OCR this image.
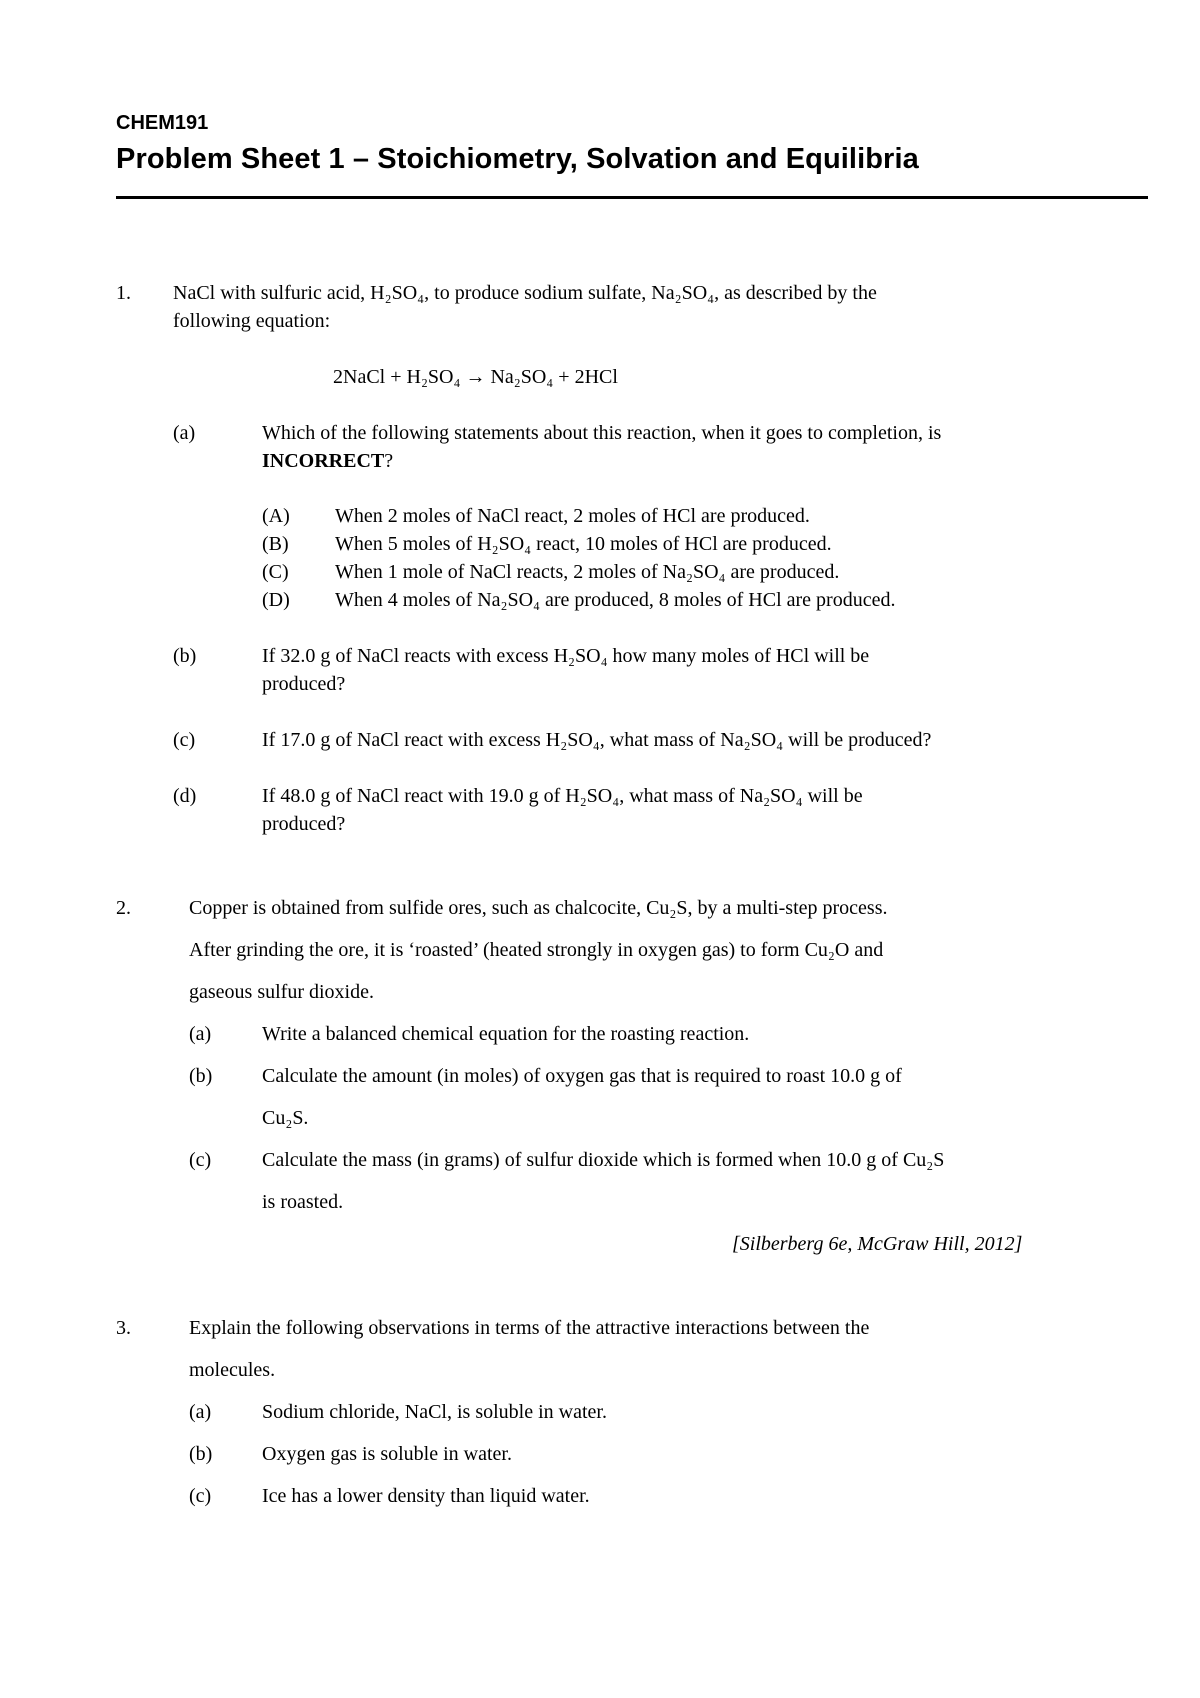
CHEM191
Problem Sheet 1 – Stoichiometry, Solvation and Equilibria
1. NaCl with sulfuric acid, H₂SO₄, to produce sodium sulfate, Na₂SO₄, as described by the
following equation:
2NaCl + H₂SO₄ → Na₂SO₄ + 2HCl
(a)	Which of the following statements about this reaction, when it goes to completion, is
INCORRECT?
(A) When 2 moles of NaCl react, 2 moles of HCl are produced.
(B) When 5 moles of H₂SO₄ react, 10 moles of HCl are produced.
(C) When 1 mole of NaCl reacts, 2 moles of Na₂SO₄ are produced.
(D) When 4 moles of Na₂SO₄ are produced, 8 moles of HCl are produced.
(b)	If 32.0 g of NaCl reacts with excess H₂SO₄ how many moles of HCl will be
produced?
(c)	If 17.0 g of NaCl react with excess H₂SO₄, what mass of Na₂SO₄ will be produced?
(d)	If 48.0 g of NaCl react with 19.0 g of H₂SO₄, what mass of Na₂SO₄ will be
produced?
2.	Copper is obtained from sulfide ores, such as chalcocite, Cu₂S, by a multi-step process.
After grinding the ore, it is ‘roasted’ (heated strongly in oxygen gas) to form Cu₂O and
gaseous sulfur dioxide.
(a)	Write a balanced chemical equation for the roasting reaction.
(b) Calculate the amount (in moles) of oxygen gas that is required to roast 10.0 g of
Cu₂S.
(c)	Calculate the mass (in grams) of sulfur dioxide which is formed when 10.0 g of Cu₂S
is roasted.
[Silberberg 6e, McGraw Hill, 2012]
3.	Explain the following observations in terms of the attractive interactions between the
molecules.
(a)	Sodium chloride, NaCl, is soluble in water.
(b) Oxygen gas is soluble in water.
(c)	Ice has a lower density than liquid water.
